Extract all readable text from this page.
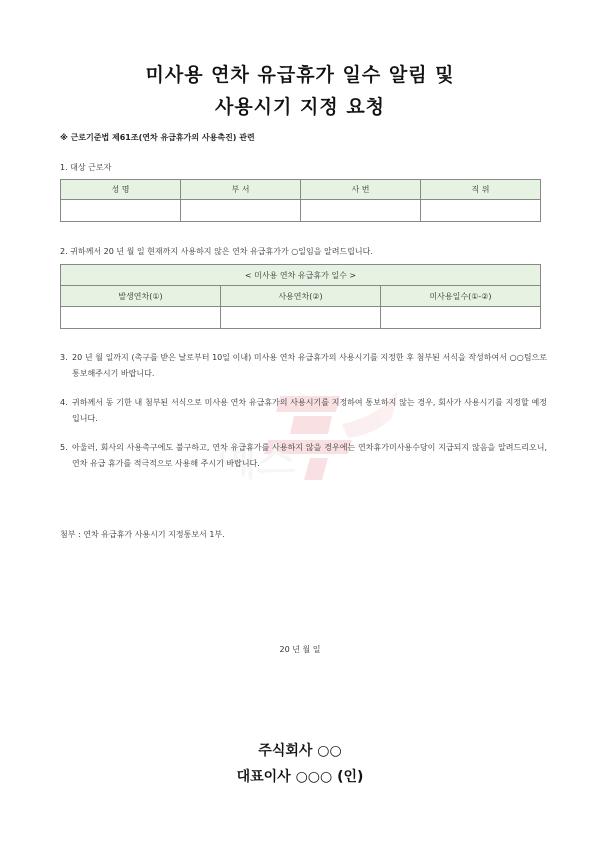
미사용 연차 유급휴가 일수 알림 및
사용시기 지정 요청
※ 근로기준법 제61조(연차 유급휴가의 사용촉진) 관련
1. 대상 근로자
성 명	부 서	사 번	직 위

2. 귀하께서 20 년 월 일 현재까지 사용하지 않은 연차 유급휴가가 ○일임을 알려드립니다.
< 미사용 연차 유급휴가 일수 >		
발생연차(①)	사용연차(②)	미사용일수(①-②)

예스
3. 20 년 월 일까지 (촉구를 받은 날로부터 10일 이내) 미사용 연차 유급휴가의 사용시기를 지정한 후 첨부된 서식을 작성하여서 ○○팀으로 통보해주시기 바랍니다.
4. 귀하께서 동 기한 내 첨부된 서식으로 미사용 연차 유급휴가의 사용시기를 지정하여 통보하지 않는 경우, 회사가 사용시기를 지정할 예정입니다.
5. 아울러, 회사의 사용촉구에도 불구하고, 연차 유급휴가를 사용하지 않을 경우에는 연차휴가미사용수당이 지급되지 않음을 알려드리오니, 연차 유급 휴가를 적극적으로 사용해 주시기 바랍니다.
첨부 : 연차 유급휴가 사용시기 지정통보서 1부.
20 년 월 일
주식회사 ○○
대표이사 ○○○ (인)
